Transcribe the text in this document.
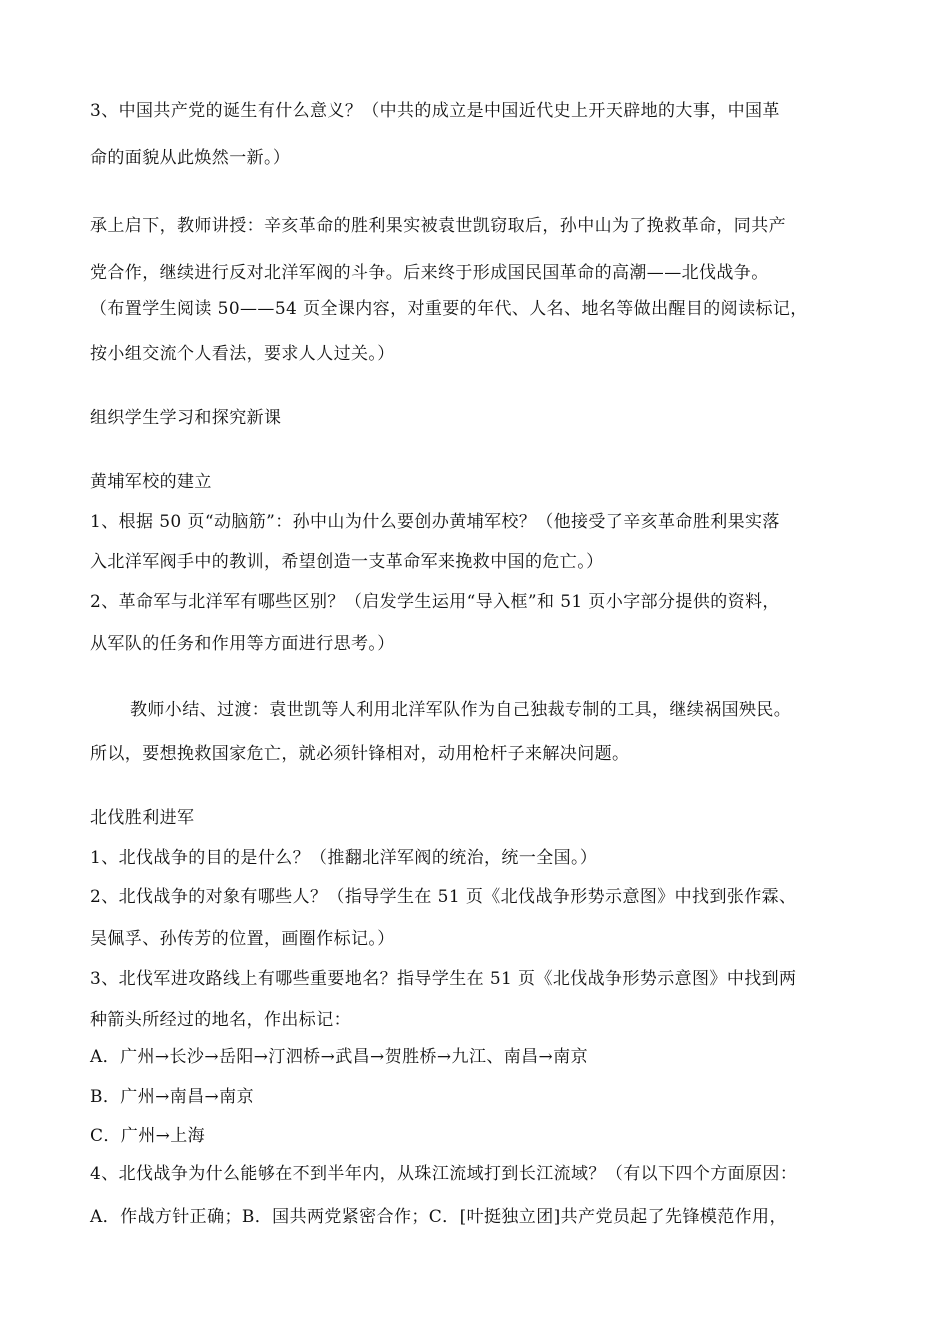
3、中国共产党的诞生有什么意义？（中共的成立是中国近代史上开天辟地的大事，中国革
命的面貌从此焕然一新。）
承上启下，教师讲授：辛亥革命的胜利果实被袁世凯窃取后，孙中山为了挽救革命，同共产
党合作，继续进行反对北洋军阀的斗争。后来终于形成国民国革命的高潮——北伐战争。
（布置学生阅读 50——54 页全课内容，对重要的年代、人名、地名等做出醒目的阅读标记，
按小组交流个人看法，要求人人过关。）
组织学生学习和探究新课
黄埔军校的建立
1、根据 50 页“动脑筋”：孙中山为什么要创办黄埔军校？（他接受了辛亥革命胜利果实落
入北洋军阀手中的教训，希望创造一支革命军来挽救中国的危亡。）
2、革命军与北洋军有哪些区别？（启发学生运用“导入框”和 51 页小字部分提供的资料，
从军队的任务和作用等方面进行思考。）
教师小结、过渡：袁世凯等人利用北洋军队作为自己独裁专制的工具，继续祸国殃民。
所以，要想挽救国家危亡，就必须针锋相对，动用枪杆子来解决问题。
北伐胜利进军
1、北伐战争的目的是什么？（推翻北洋军阀的统治，统一全国。）
2、北伐战争的对象有哪些人？（指导学生在 51 页《北伐战争形势示意图》中找到张作霖、
吴佩孚、孙传芳的位置，画圈作标记。）
3、北伐军进攻路线上有哪些重要地名？指导学生在 51 页《北伐战争形势示意图》中找到两
种箭头所经过的地名，作出标记：
A．广州→长沙→岳阳→汀泗桥→武昌→贺胜桥→九江、南昌→南京
B．广州→南昌→南京
C．广州→上海
4、北伐战争为什么能够在不到半年内，从珠江流域打到长江流域？（有以下四个方面原因：
A．作战方针正确；B．国共两党紧密合作；C．[叶挺独立团]共产党员起了先锋模范作用，
